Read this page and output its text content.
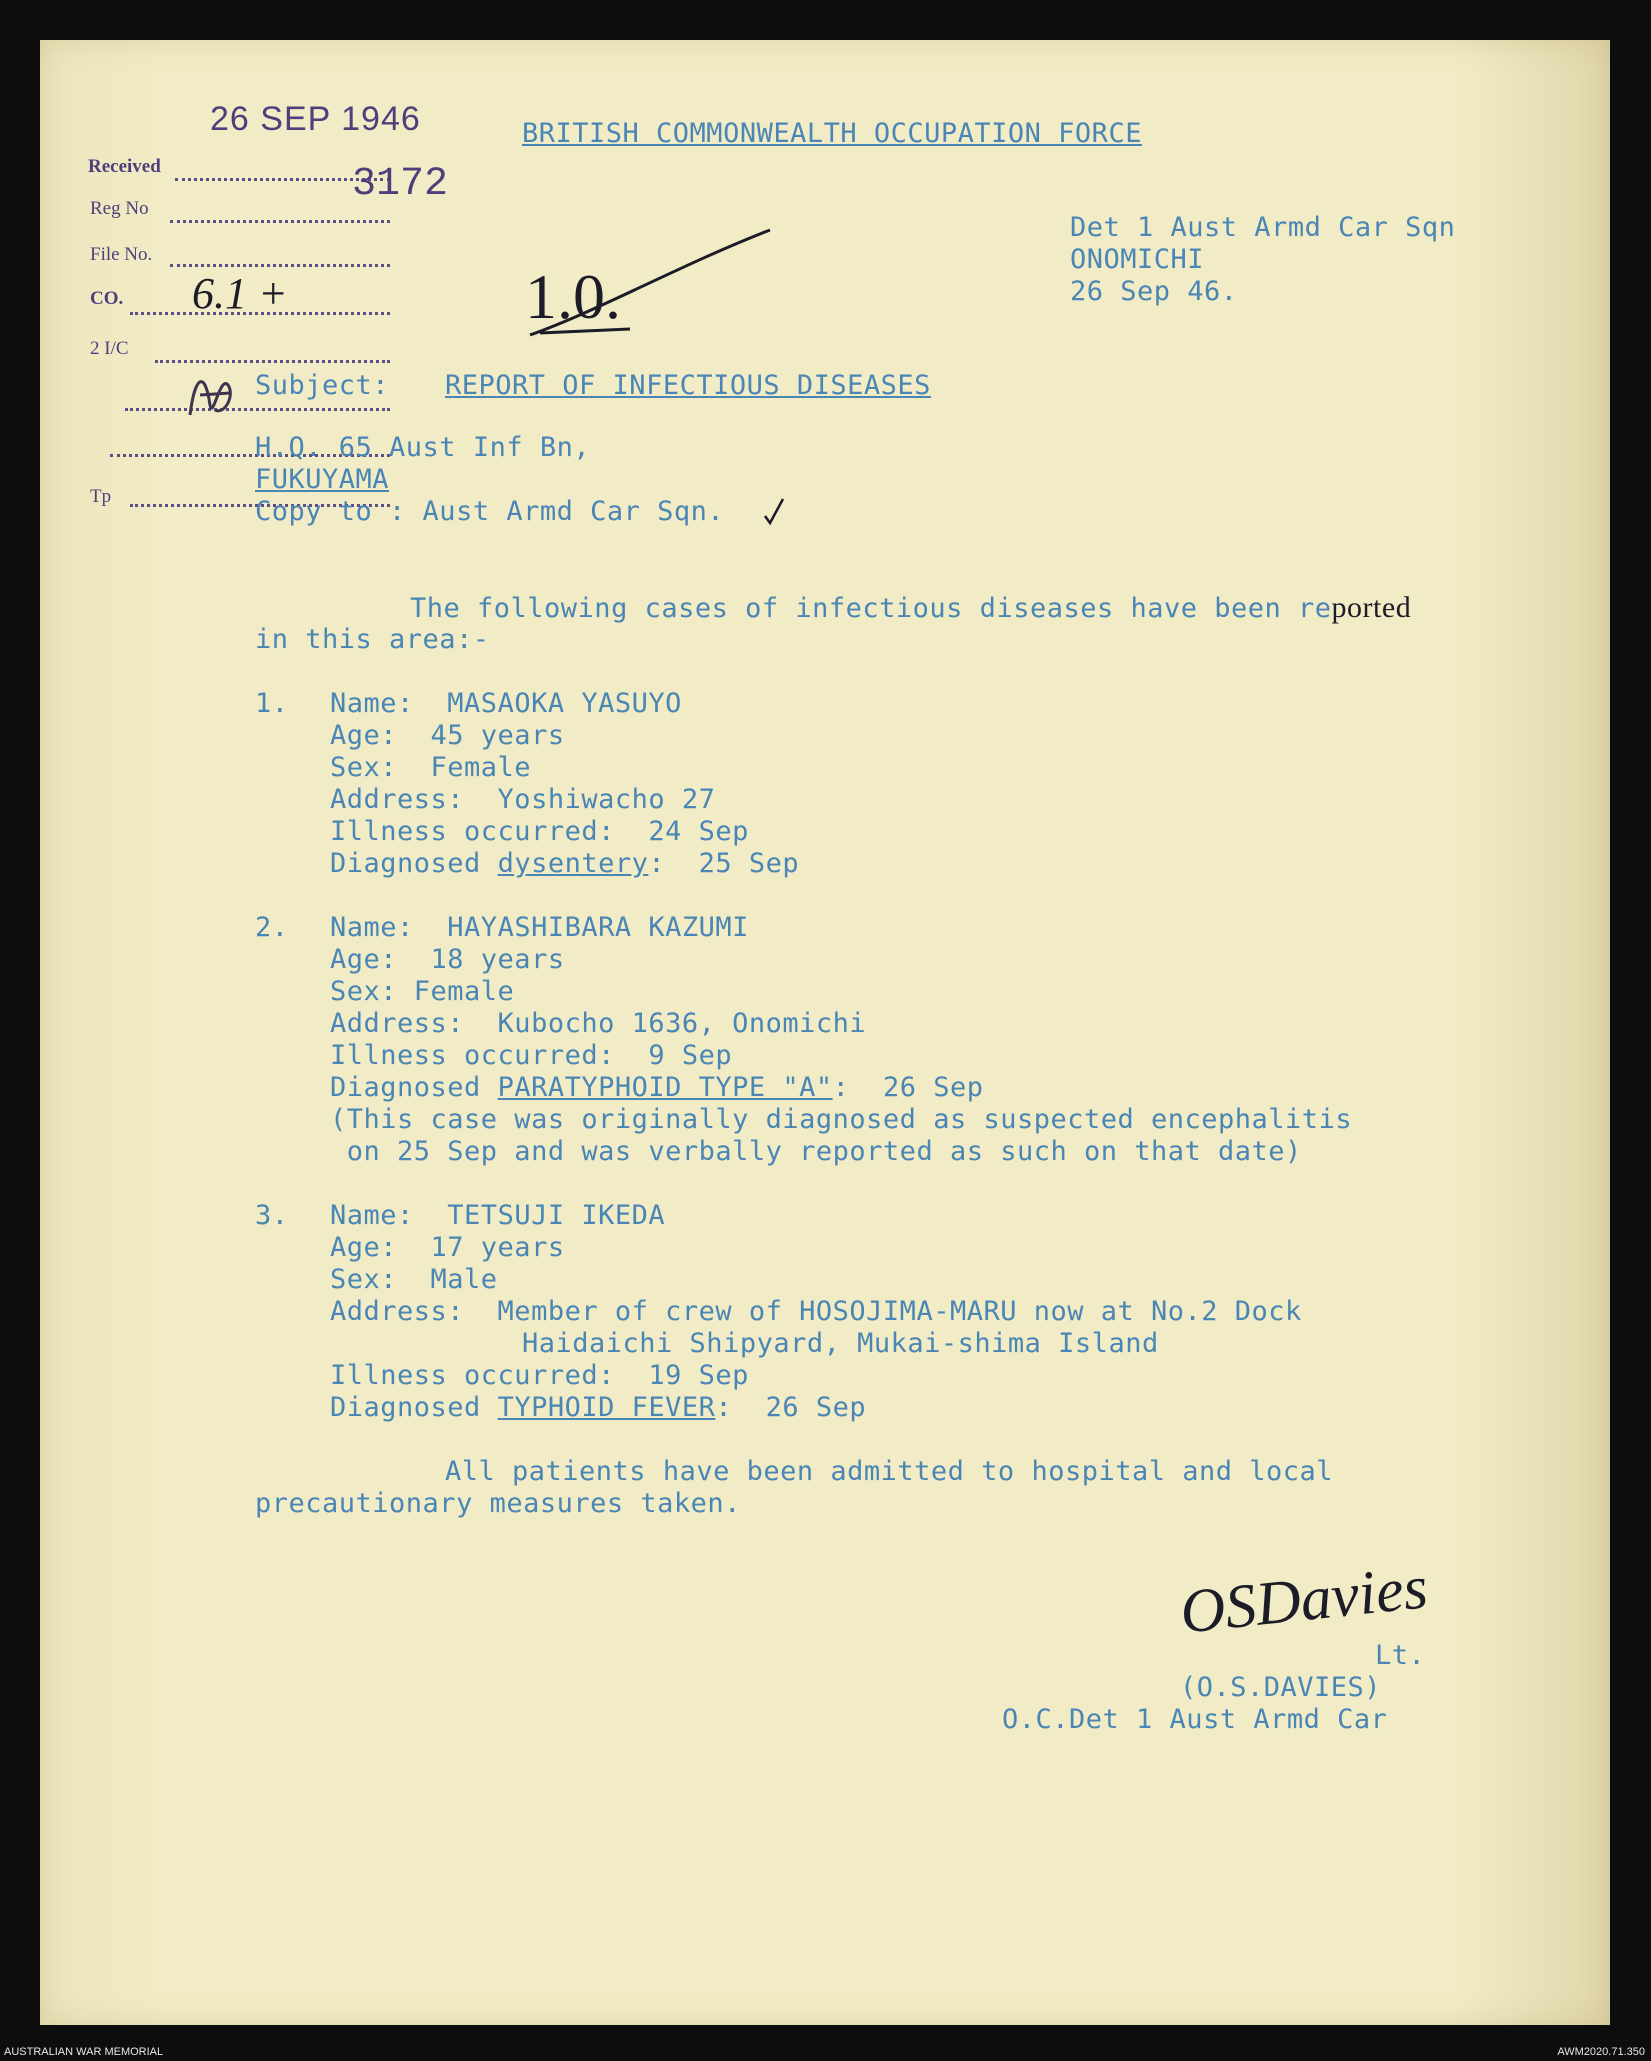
26 SEP 1946
Received
Reg No
3172
File No.
CO. 6.1 +
2 I/C
Tp
1.0.
BRITISH COMMONWEALTH OCCUPATION FORCE
Det 1 Aust Armd Car Sqn
ONOMICHI
26 Sep 46.
Subject: REPORT OF INFECTIOUS DISEASES
H.Q. 65 Aust Inf Bn,
FUKUYAMA
Copy to : Aust Armd Car Sqn.
The following cases of infectious diseases have been reported
in this area:-
1. Name: MASAOKA YASUYO
Age:  45 years
Sex:  Female
Address:  Yoshiwacho 27
Illness occurred:  24 Sep
Diagnosed dysentery:  25 Sep
2. Name: HAYASHIBARA KAZUMI
Age:  18 years
Sex: Female
Address:  Kubocho 1636, Onomichi
Illness occurred:  9 Sep
Diagnosed PARATYPHOID TYPE "A":  26 Sep
(This case was originally diagnosed as suspected encephalitis
on 25 Sep and was verbally reported as such on that date)
3. Name: TETSUJI IKEDA
Age:  17 years
Sex:  Male
Address:  Member of crew of HOSOJIMA-MARU now at No.2 Dock
Haidaichi Shipyard, Mukai-shima Island
Illness occurred:  19 Sep
Diagnosed TYPHOID FEVER:  26 Sep
All patients have been admitted to hospital and local
precautionary measures taken.
OSDavies
Lt.
(O.S.DAVIES)
O.C.Det 1 Aust Armd Car
AUSTRALIAN WAR MEMORIAL	AWM2020.71.350
